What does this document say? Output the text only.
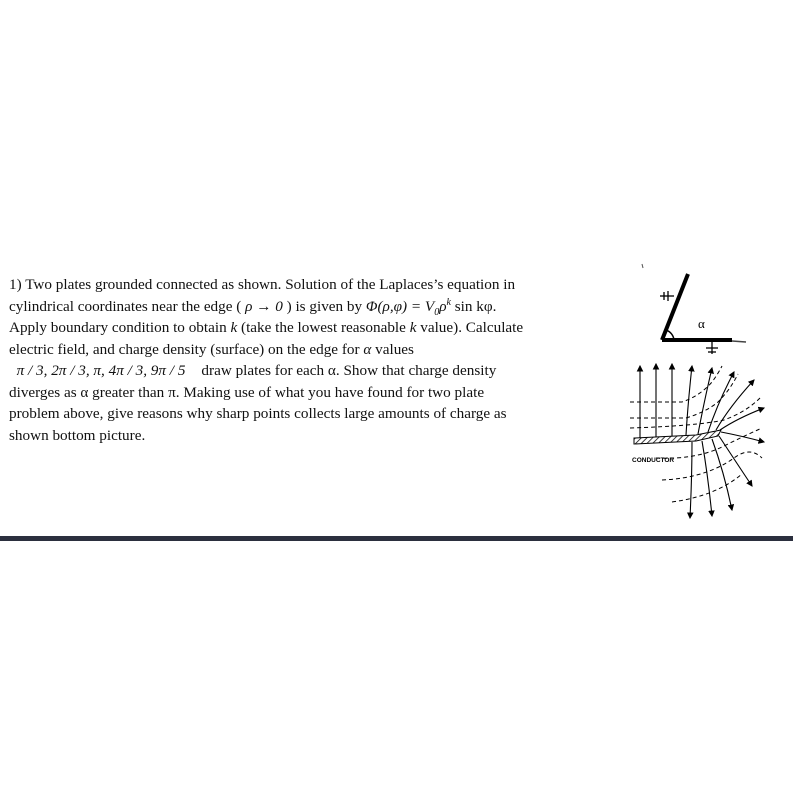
1) Two plates grounded connected as shown. Solution of the Laplaces’s equation in
cylindrical coordinates near the edge ( ρ → 0 ) is given by $\Phi(\rho,\varphi) = V_0\rho^k$ sin kφ.
Apply boundary condition to obtain k (take the lowest reasonable k value). Calculate
electric field, and charge density (surface) on the edge for α values
π / 3, 2π / 3, π, 4π / 3, 9π / 5 draw plates for each α. Show that charge density
diverges as α greater than π. Making use of what you have found for two plate
problem above, give reasons why sharp points collects large amounts of charge as
shown bottom picture.
α
CONDUCTOR
